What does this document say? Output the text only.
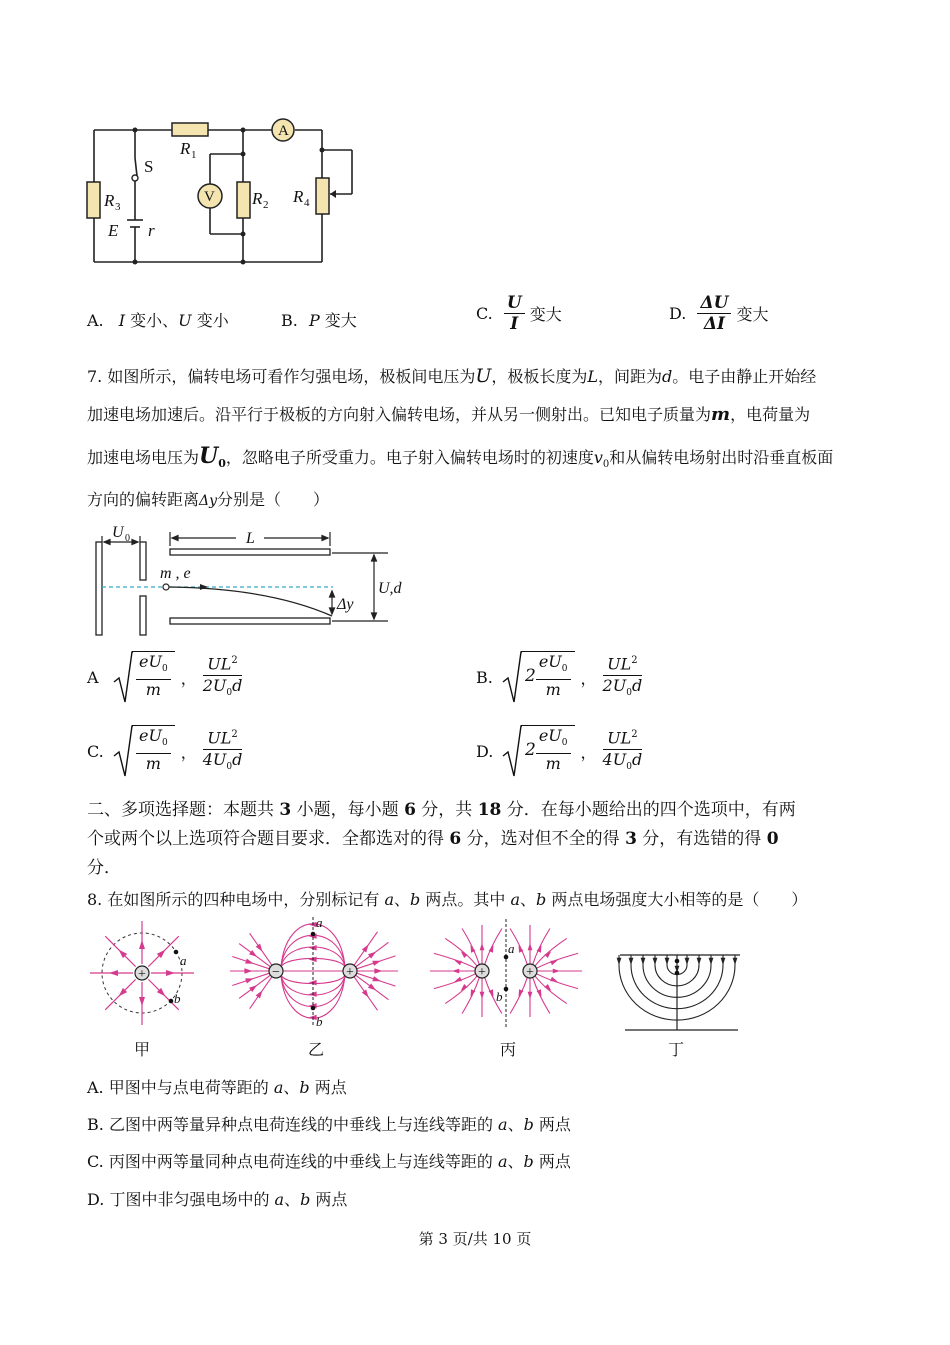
A
V
S
R 1
R 2
R 3
R 4
E r
A. I 变小、U 变小	B. P 变大	C. $\frac{U}{I}$ 变大	D. $\frac{\Delta U}{\Delta I}$ 变大
7. 如图所示，偏转电场可看作匀强电场，极板间电压为U，极板长度为L，间距为d。电子由静止开始经
加速电场加速后。沿平行于极板的方向射入偏转电场，并从另一侧射出。已知电子质量为m，电荷量为
加速电场电压为$U_0$，忽略电子所受重力。电子射入偏转电场时的初速度$v_0$和从偏转电场射出时沿垂直板面
方向的偏转距离Δy分别是（　　）
U 0	L
m , e
Δy
U,d
A	$\frac{eU_0}{m}$ ， $\frac{UL^2}{2U_0d}$	B.	$2 \frac{eU_0}{m}$ ， $\frac{UL^2}{2U_0d}$
C.	$\frac{eU_0}{m}$ ， $\frac{UL^2}{4U_0d}$	D.	$2 \frac{eU_0}{m}$ ， $\frac{UL^2}{4U_0d}$
二、多项选择题：本题共 3 小题，每小题 6 分，共 18 分．在每小题给出的四个选项中，有两
个或两个以上选项符合题目要求．全都选对的得 6 分，选对但不全的得 3 分，有选错的得 0
分．
8. 在如图所示的四种电场中，分别标记有 a、b 两点。其中 a、b 两点电场强度大小相等的是（　　）
+
a
b
−	+
a
b
+	+
a
b
甲	乙	丙	丁
A. 甲图中与点电荷等距的 a、b 两点
B. 乙图中两等量异种点电荷连线的中垂线上与连线等距的 a、b 两点
C. 丙图中两等量同种点电荷连线的中垂线上与连线等距的 a、b 两点
D. 丁图中非匀强电场中的 a、b 两点
第 3 页/共 10 页
